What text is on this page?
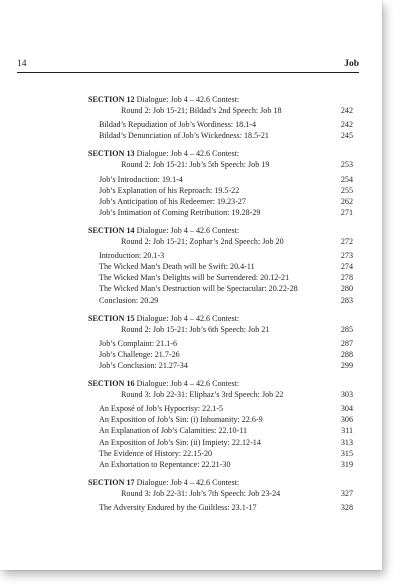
14	Job
SECTION 12 Dialogue: Job 4 – 42.6 Contest:
Round 2: Job 15-21; Bildad’s 2nd Speech: Job 18	242
Bildad’s Repudiation of Job’s Wordiness: 18.1-4	242
Bildad’s Denunciation of Job’s Wickedness: 18.5-21	245
SECTION 13 Dialogue: Job 4 – 42.6 Contest:
Round 2: Job 15-21: Job’s 5th Speech: Job 19	253
Job’s Introduction: 19.1-4	254
Job’s Explanation of his Reproach: 19.5-22	255
Job’s Anticipation of his Redeemer: 19.23-27	262
Job’s Intimation of Coming Retribution: 19.28-29	271
SECTION 14 Dialogue: Job 4 – 42.6 Contest:
Round 2: Job 15-21; Zophar’s 2nd Speech: Job 20	272
Introduction: 20.1-3	273
The Wicked Man’s Death will be Swift: 20.4-11	274
The Wicked Man’s Delights will be Surrendered: 20.12-21	278
The Wicked Man’s Destruction will be Spectacular: 20.22-28	280
Conclusion: 20.29	283
SECTION 15 Dialogue: Job 4 – 42.6 Contest:
Round 2: Job 15-21: Job’s 6th Speech: Job 21	285
Job’s Complaint: 21.1-6	287
Job’s Challenge: 21.7-26	288
Job’s Conclusion: 21.27-34	299
SECTION 16 Dialogue: Job 4 – 42.6 Contest:
Round 3: Job 22-31: Eliphaz’s 3rd Speech: Job 22	303
An Exposé of Job’s Hypocrisy: 22.1-5	304
An Exposition of Job’s Sin: (i) Inhumanity: 22.6-9	306
An Explanation of Job’s Calamities: 22.10-11	311
An Exposition of Job’s Sin: (ii) Impiety: 22.12-14	313
The Evidence of History: 22.15-20	315
An Exhortation to Repentance: 22.21-30	319
SECTION 17 Dialogue: Job 4 – 42.6 Contest:
Round 3: Job 22-31: Job’s 7th Speech: Job 23-24	327
The Adversity Endured by the Guiltless: 23.1-17	328
